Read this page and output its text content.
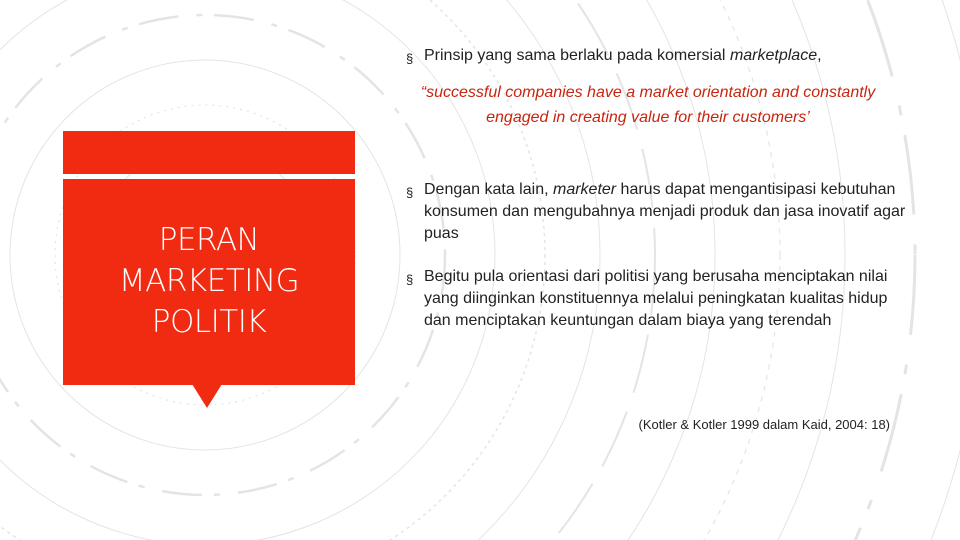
PERAN
MARKETING
POLITIK
§ Prinsip yang sama berlaku pada komersial marketplace,
“successful companies have a market orientation and constantly engaged in creating value for their customers’
§ Dengan kata lain, marketer harus dapat mengantisipasi kebutuhan konsumen dan mengubahnya menjadi produk dan jasa inovatif agar puas
§ Begitu pula orientasi dari politisi yang berusaha menciptakan nilai yang diinginkan konstituennya melalui peningkatan kualitas hidup dan menciptakan keuntungan dalam biaya yang terendah
(Kotler & Kotler 1999 dalam Kaid, 2004: 18)
